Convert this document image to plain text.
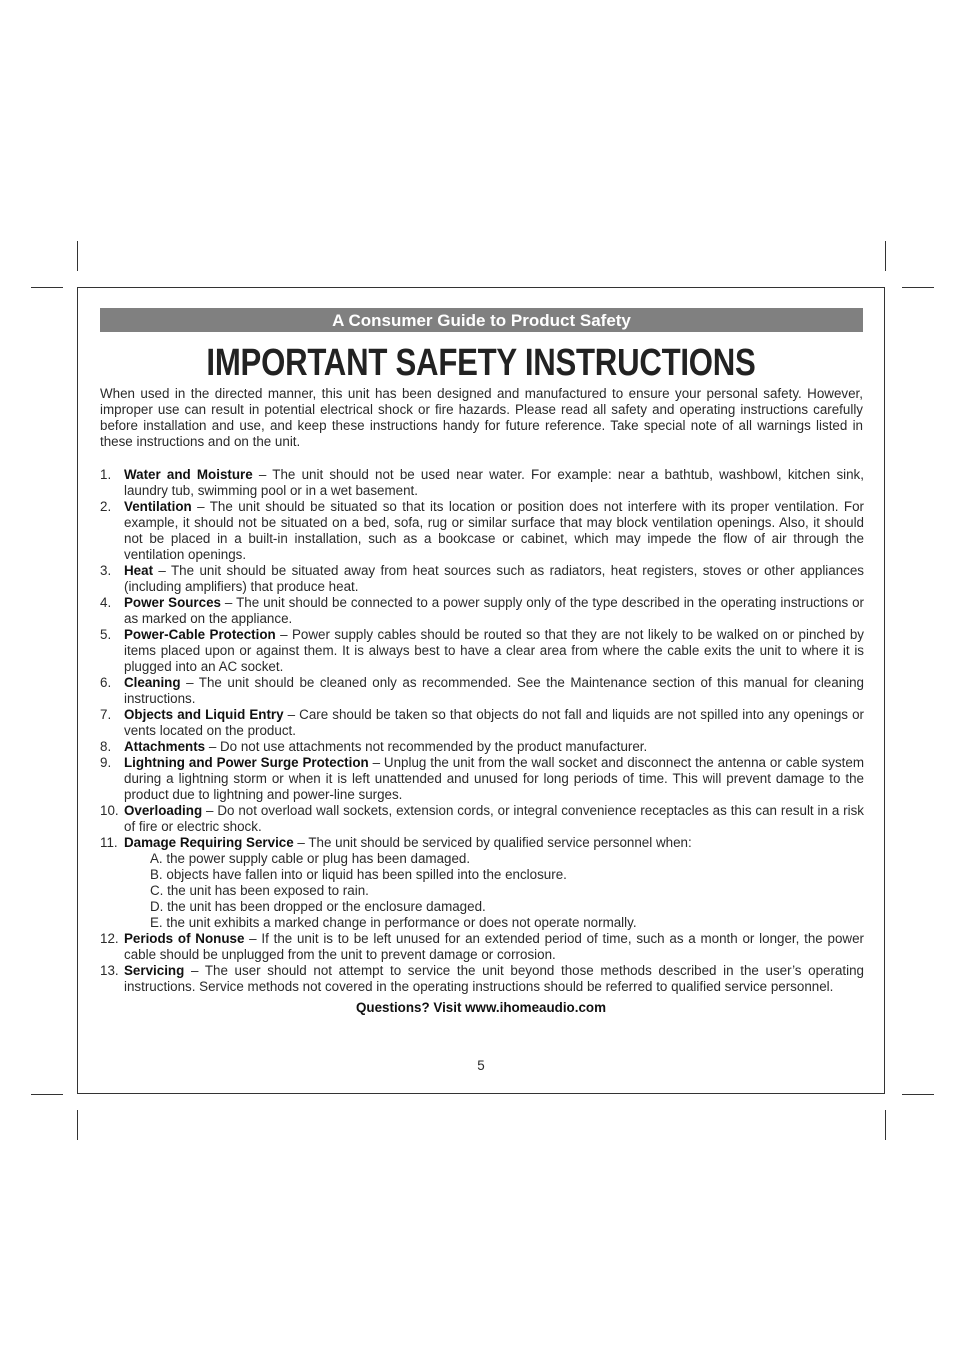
A Consumer Guide to Product Safety
IMPORTANT SAFETY INSTRUCTIONS
When used in the directed manner, this unit has been designed and manufactured to ensure your personal safety. However, improper use can result in potential electrical shock or fire hazards. Please read all safety and operating instructions carefully before installation and use, and keep these instructions handy for future reference. Take special note of all warnings listed in these instructions and on the unit.
1. Water and Moisture – The unit should not be used near water. For example: near a bathtub, washbowl, kitchen sink, laundry tub, swimming pool or in a wet basement.
2. Ventilation – The unit should be situated so that its location or position does not interfere with its proper ventilation. For example, it should not be situated on a bed, sofa, rug or similar surface that may block ventilation openings. Also, it should not be placed in a built-in installation, such as a bookcase or cabinet, which may impede the flow of air through the ventilation openings.
3. Heat – The unit should be situated away from heat sources such as radiators, heat registers, stoves or other appliances (including amplifiers) that produce heat.
4. Power Sources – The unit should be connected to a power supply only of the type described in the operating instructions or as marked on the appliance.
5. Power-Cable Protection – Power supply cables should be routed so that they are not likely to be walked on or pinched by items placed upon or against them. It is always best to have a clear area from where the cable exits the unit to where it is plugged into an AC socket.
6. Cleaning – The unit should be cleaned only as recommended. See the Maintenance section of this manual for cleaning instructions.
7. Objects and Liquid Entry – Care should be taken so that objects do not fall and liquids are not spilled into any openings or vents located on the product.
8. Attachments – Do not use attachments not recommended by the product manufacturer.
9. Lightning and Power Surge Protection – Unplug the unit from the wall socket and disconnect the antenna or cable system during a lightning storm or when it is left unattended and unused for long periods of time. This will prevent damage to the product due to lightning and power-line surges.
10. Overloading – Do not overload wall sockets, extension cords, or integral convenience receptacles as this can result in a risk of fire or electric shock.
11. Damage Requiring Service – The unit should be serviced by qualified service personnel when:
A. the power supply cable or plug has been damaged.
B. objects have fallen into or liquid has been spilled into the enclosure.
C. the unit has been exposed to rain.
D. the unit has been dropped or the enclosure damaged.
E. the unit exhibits a marked change in performance or does not operate normally.
12. Periods of Nonuse – If the unit is to be left unused for an extended period of time, such as a month or longer, the power cable should be unplugged from the unit to prevent damage or corrosion.
13. Servicing – The user should not attempt to service the unit beyond those methods described in the user’s operating instructions. Service methods not covered in the operating instructions should be referred to qualified service personnel.
Questions? Visit www.ihomeaudio.com
5
